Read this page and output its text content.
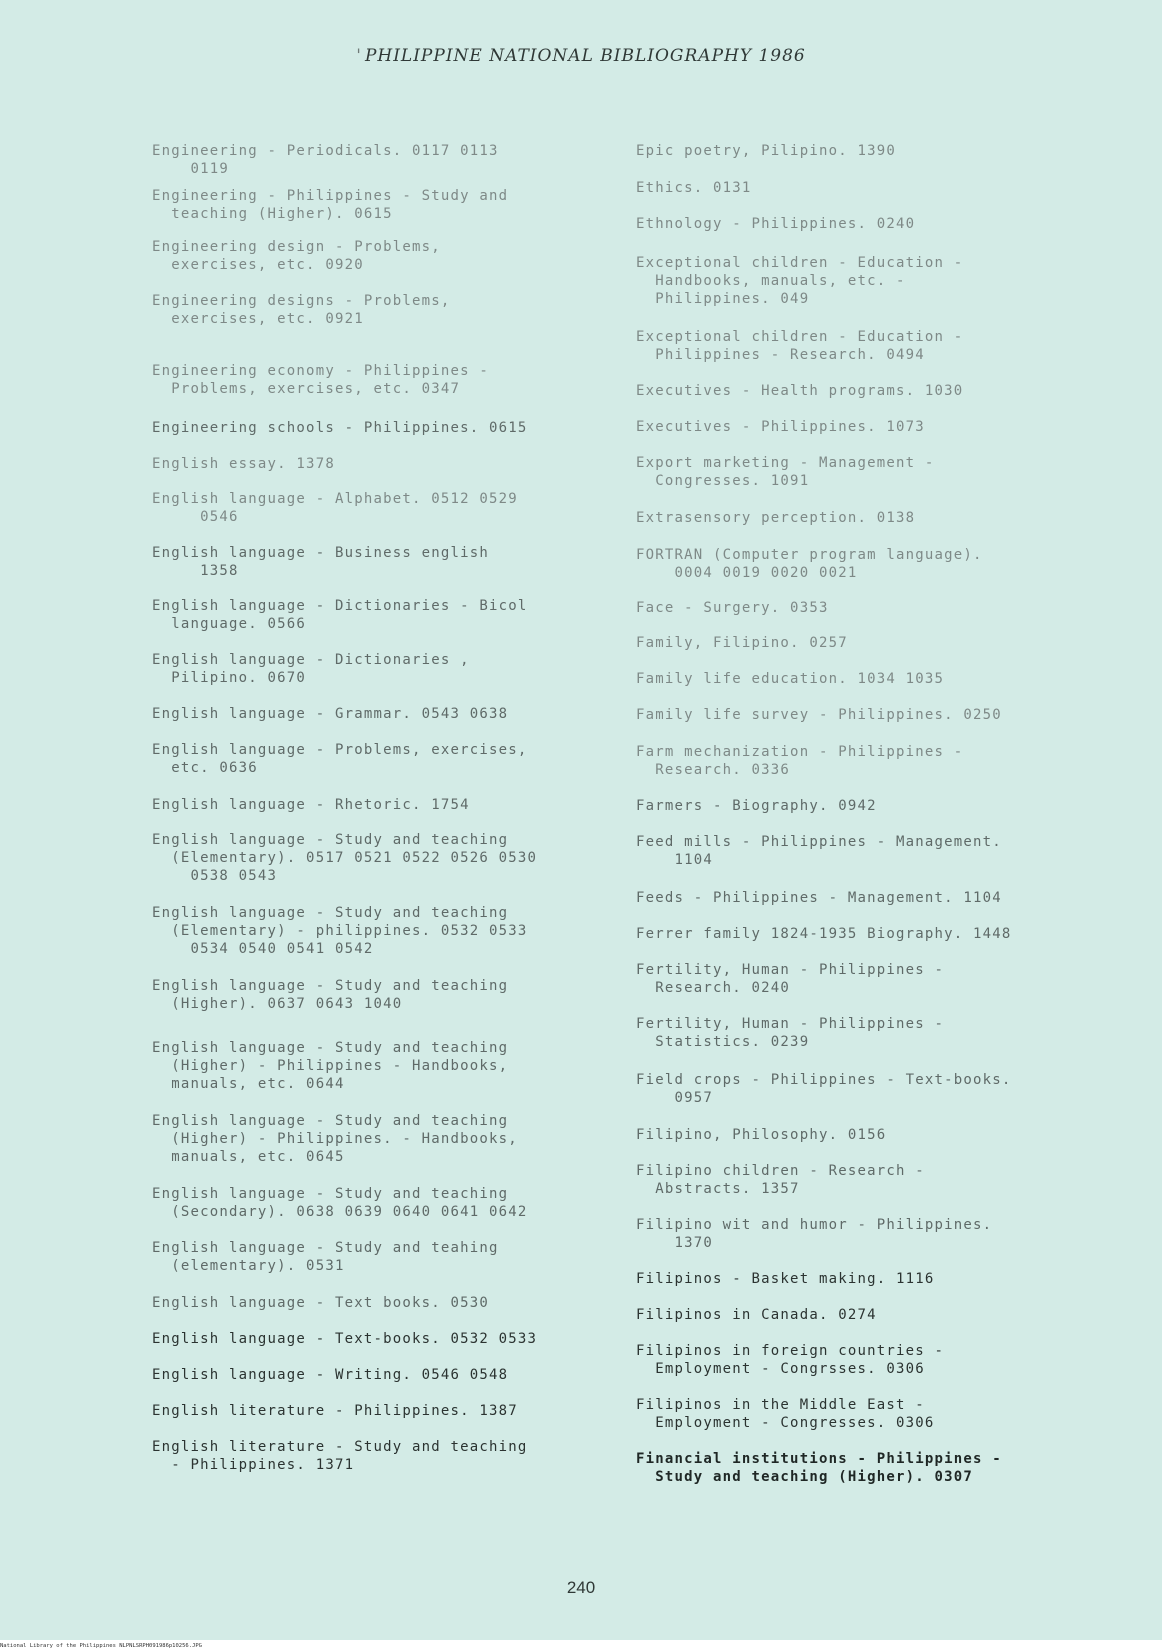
' PHILIPPINE NATIONAL BIBLIOGRAPHY 1986
Engineering - Periodicals. 0117 0113
0119
Engineering - Philippines - Study and
teaching (Higher). 0615
Engineering design - Problems,
exercises, etc. 0920
Engineering designs - Problems,
exercises, etc. 0921
Engineering economy - Philippines -
Problems, exercises, etc. 0347
Engineering schools - Philippines. 0615
English essay. 1378
English language - Alphabet. 0512 0529
0546
English language - Business english
1358
English language - Dictionaries - Bicol
language. 0566
English language - Dictionaries ,
Pilipino. 0670
English language - Grammar. 0543 0638
English language - Problems, exercises,
etc. 0636
English language - Rhetoric. 1754
English language - Study and teaching
(Elementary). 0517 0521 0522 0526 0530
0538 0543
English language - Study and teaching
(Elementary) - philippines. 0532 0533
0534 0540 0541 0542
English language - Study and teaching
(Higher). 0637 0643 1040
English language - Study and teaching
(Higher) - Philippines - Handbooks,
manuals, etc. 0644
English language - Study and teaching
(Higher) - Philippines. - Handbooks,
manuals, etc. 0645
English language - Study and teaching
(Secondary). 0638 0639 0640 0641 0642
English language - Study and teahing
(elementary). 0531
English language - Text books. 0530
English language - Text-books. 0532 0533
English language - Writing. 0546 0548
English literature - Philippines. 1387
English literature - Study and teaching
- Philippines. 1371
Epic poetry, Pilipino. 1390
Ethics. 0131
Ethnology - Philippines. 0240
Exceptional children - Education -
Handbooks, manuals, etc. -
Philippines. 049
Exceptional children - Education -
Philippines - Research. 0494
Executives - Health programs. 1030
Executives - Philippines. 1073
Export marketing - Management -
Congresses. 1091
Extrasensory perception. 0138
FORTRAN (Computer program language).
0004 0019 0020 0021
Face - Surgery. 0353
Family, Filipino. 0257
Family life education. 1034 1035
Family life survey - Philippines. 0250
Farm mechanization - Philippines -
Research. 0336
Farmers - Biography. 0942
Feed mills - Philippines - Management.
1104
Feeds - Philippines - Management. 1104
Ferrer family 1824-1935 Biography. 1448
Fertility, Human - Philippines -
Research. 0240
Fertility, Human - Philippines -
Statistics. 0239
Field crops - Philippines - Text-books.
0957
Filipino, Philosophy. 0156
Filipino children - Research -
Abstracts. 1357
Filipino wit and humor - Philippines.
1370
Filipinos - Basket making. 1116
Filipinos in Canada. 0274
Filipinos in foreign countries -
Employment - Congrsses. 0306
Filipinos in the Middle East -
Employment - Congresses. 0306
Financial institutions - Philippines -
Study and teaching (Higher). 0307
240
National Library of the Philippines NLPNLSRPH091986p10256.JPG
